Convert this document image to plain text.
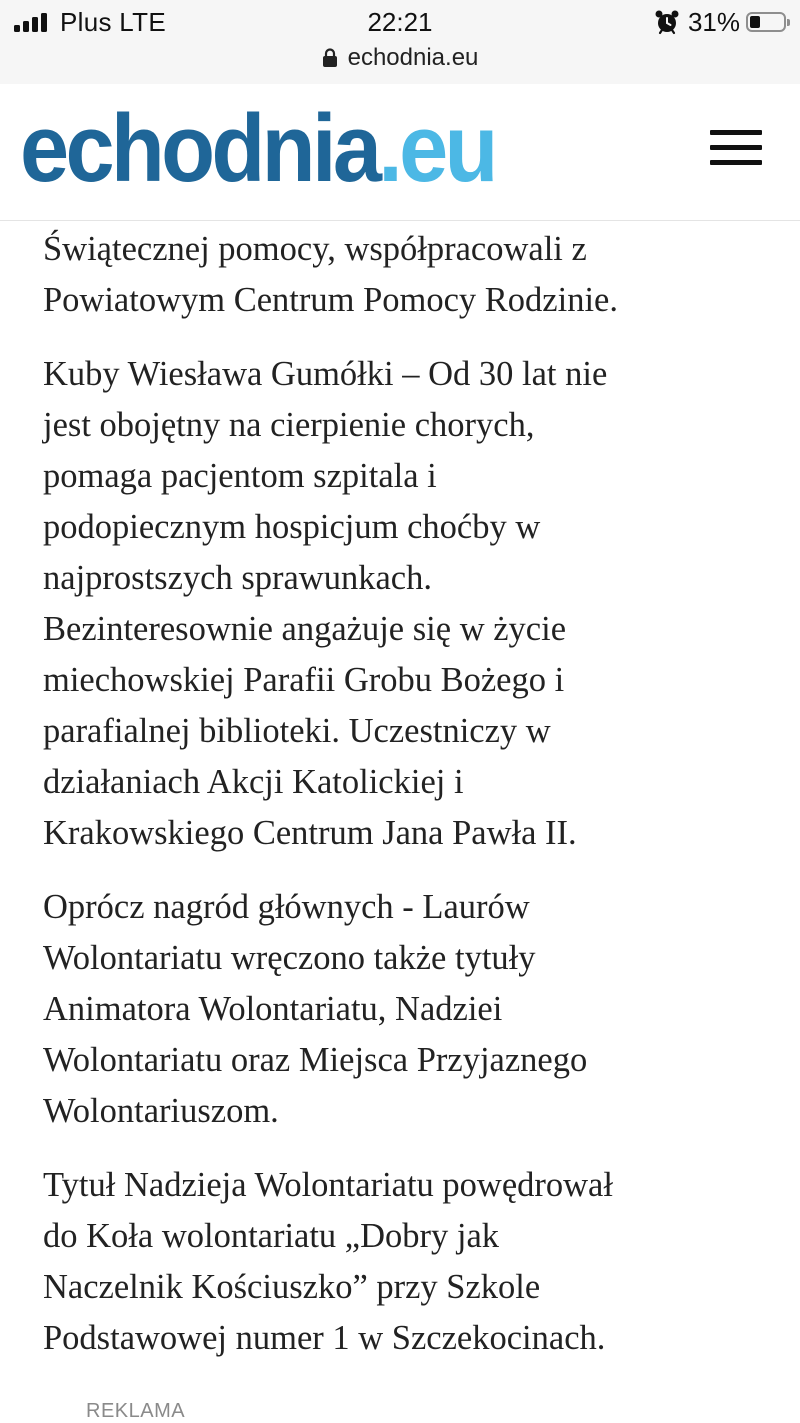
Plus LTE	22:21	31%
echodnia.eu
echodnia.eu

Świątecznej pomocy, współpracowali z
Powiatowym Centrum Pomocy Rodzinie.

Kuby Wiesława Gumółki – Od 30 lat nie
jest obojętny na cierpienie chorych,
pomaga pacjentom szpitala i
podopiecznym hospicjum choćby w
najprostszych sprawunkach.
Bezinteresownie angażuje się w życie
miechowskiej Parafii Grobu Bożego i
parafialnej biblioteki. Uczestniczy w
działaniach Akcji Katolickiej i
Krakowskiego Centrum Jana Pawła II.

Oprócz nagród głównych - Laurów
Wolontariatu wręczono także tytuły
Animatora Wolontariatu, Nadziei
Wolontariatu oraz Miejsca Przyjaznego
Wolontariuszom.

Tytuł Nadzieja Wolontariatu powędrował
do Koła wolontariatu „Dobry jak
Naczelnik Kościuszko” przy Szkole
Podstawowej numer 1 w Szczekocinach.

REKLAMA
